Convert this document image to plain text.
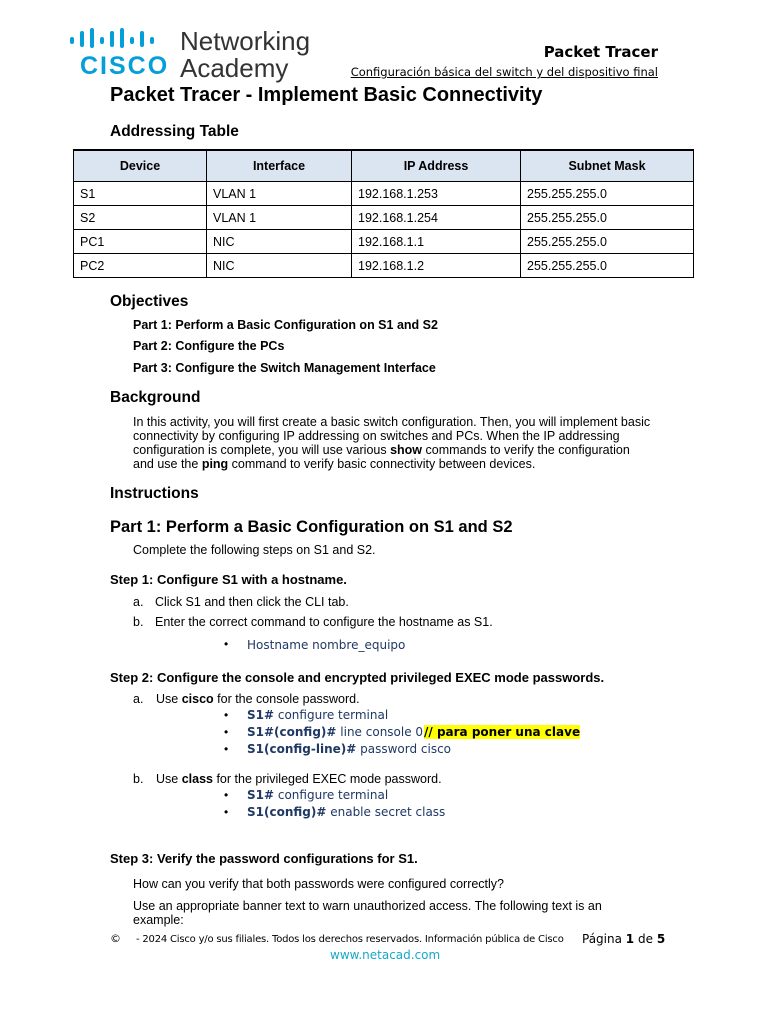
CISCO
Networking
Academy
Packet Tracer
Configuración básica del switch y del dispositivo final
Packet Tracer - Implement Basic Connectivity
Addressing Table
Device	Interface	IP Address	Subnet Mask
S1	VLAN 1	192.168.1.253	255.255.255.0
S2	VLAN 1	192.168.1.254	255.255.255.0
PC1	NIC	192.168.1.1	255.255.255.0
PC2	NIC	192.168.1.2	255.255.255.0
Objectives
Part 1: Perform a Basic Configuration on S1 and S2
Part 2: Configure the PCs
Part 3: Configure the Switch Management Interface
Background
In this activity, you will first create a basic switch configuration. Then, you will implement basic connectivity by configuring IP addressing on switches and PCs. When the IP addressing configuration is complete, you will use various show commands to verify the configuration and use the ping command to verify basic connectivity between devices.
Instructions
Part 1: Perform a Basic Configuration on S1 and S2
Complete the following steps on S1 and S2.
Step 1: Configure S1 with a hostname.
a. Click S1 and then click the CLI tab.
b. Enter the correct command to configure the hostname as S1.
• Hostname nombre_equipo
Step 2: Configure the console and encrypted privileged EXEC mode passwords.
a. Use cisco for the console password.
• S1# configure terminal
• S1#(config)# line console 0 // para poner una clave
• S1(config-line)# password cisco
b. Use class for the privileged EXEC mode password.
• S1# configure terminal
• S1(config)# enable secret class
Step 3: Verify the password configurations for S1.
How can you verify that both passwords were configured correctly?
Use an appropriate banner text to warn unauthorized access. The following text is an example:
© - 2024 Cisco y/o sus filiales. Todos los derechos reservados. Información pública de Cisco Página 1 de 5
www.netacad.com
